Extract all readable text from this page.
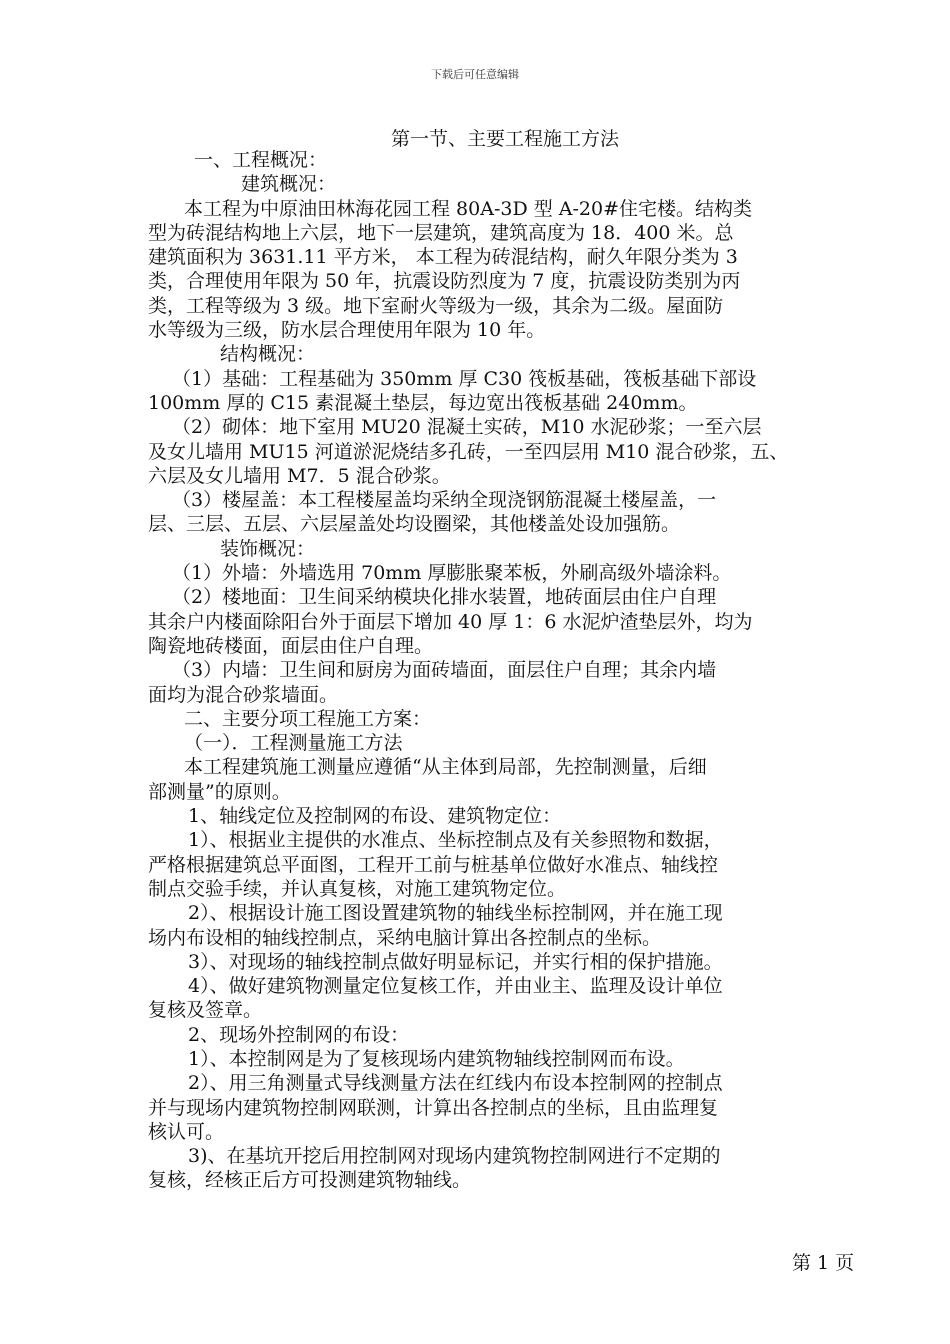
下载后可任意编辑
第一节、主要工程施工方法
一、工程概况：
建筑概况：
本工程为中原油田林海花园工程 80A-3D 型 A-20#住宅楼。结构类
型为砖混结构地上六层，地下一层建筑，建筑高度为 18．400 米。总
建筑面积为 3631.11 平方米， 本工程为砖混结构，耐久年限分类为 3
类，合理使用年限为 50 年，抗震设防烈度为 7 度，抗震设防类别为丙
类，工程等级为 3 级。地下室耐火等级为一级，其余为二级。屋面防
水等级为三级，防水层合理使用年限为 10 年。
结构概况：
（1）基础：工程基础为 350mm 厚 C30 筏板基础，筏板基础下部设
100mm 厚的 C15 素混凝土垫层，每边宽出筏板基础 240mm。
（2）砌体：地下室用 MU20 混凝土实砖，M10 水泥砂浆；一至六层
及女儿墙用 MU15 河道淤泥烧结多孔砖，一至四层用 M10 混合砂浆，五、
六层及女儿墙用 M7．5 混合砂浆。
（3）楼屋盖：本工程楼屋盖均采纳全现浇钢筋混凝土楼屋盖，一
层、三层、五层、六层屋盖处均设圈梁，其他楼盖处设加强筋。
装饰概况：
（1）外墙：外墙选用 70mm 厚膨胀聚苯板，外刷高级外墙涂料。
（2）楼地面：卫生间采纳模块化排水装置，地砖面层由住户自理
其余户内楼面除阳台外于面层下增加 40 厚 1：6 水泥炉渣垫层外，均为
陶瓷地砖楼面，面层由住户自理。
（3）内墙：卫生间和厨房为面砖墙面，面层住户自理；其余内墙
面均为混合砂浆墙面。
二、主要分项工程施工方案：
（一）．工程测量施工方法
本工程建筑施工测量应遵循“从主体到局部，先控制测量，后细
部测量”的原则。
1、轴线定位及控制网的布设、建筑物定位：
1）、根据业主提供的水准点、坐标控制点及有关参照物和数据，
严格根据建筑总平面图，工程开工前与桩基单位做好水准点、轴线控
制点交验手续，并认真复核，对施工建筑物定位。
2）、根据设计施工图设置建筑物的轴线坐标控制网，并在施工现
场内布设相的轴线控制点，采纳电脑计算出各控制点的坐标。
3）、对现场的轴线控制点做好明显标记，并实行相的保护措施。
4）、做好建筑物测量定位复核工作，并由业主、监理及设计单位
复核及签章。
2、现场外控制网的布设：
1）、本控制网是为了复核现场内建筑物轴线控制网而布设。
2）、用三角测量式导线测量方法在红线内布设本控制网的控制点
并与现场内建筑物控制网联测，计算出各控制点的坐标，且由监理复
核认可。
3)、在基坑开挖后用控制网对现场内建筑物控制网进行不定期的
复核，经核正后方可投测建筑物轴线。
第 1 页
